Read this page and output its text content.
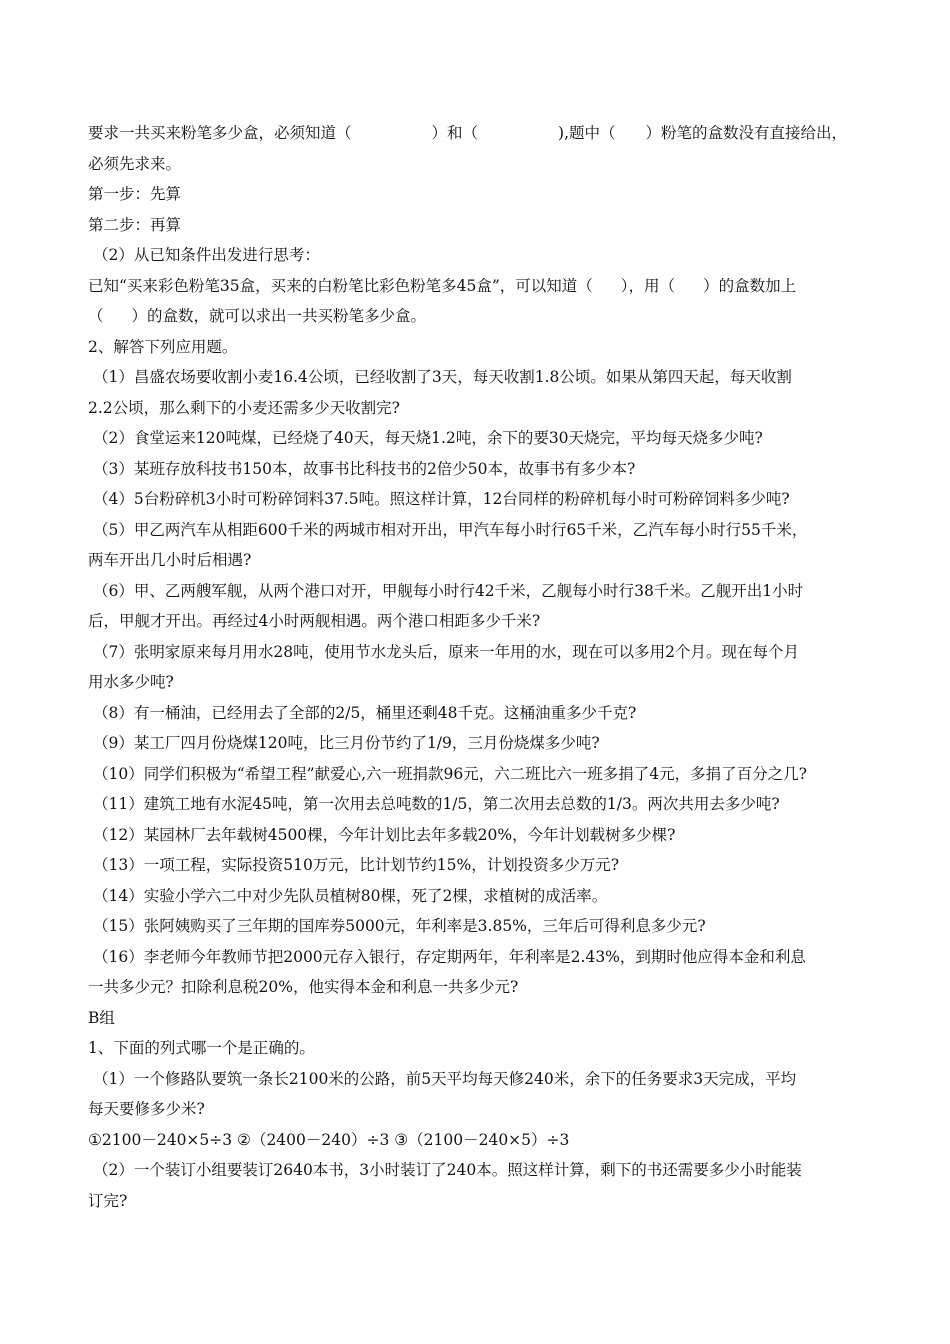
要求一共买来粉笔多少盒，必须知道（	）和（	),题中（ ）粉笔的盒数没有直接给出，
必须先求来。
第一步：先算
第二步：再算
（2）从已知条件出发进行思考：
已知“买来彩色粉笔35盒，买来的白粉笔比彩色粉笔多45盒”，可以知道（ ），用（ ）的盒数加上
（ ）的盒数，就可以求出一共买粉笔多少盒。
2、解答下列应用题。
（1）昌盛农场要收割小麦16.4公顷，已经收割了3天，每天收割1.8公顷。如果从第四天起，每天收割
2.2公顷，那么剩下的小麦还需多少天收割完?
（2）食堂运来120吨煤，已经烧了40天，每天烧1.2吨，余下的要30天烧完，平均每天烧多少吨?
（3）某班存放科技书150本，故事书比科技书的2倍少50本，故事书有多少本?
（4）5台粉碎机3小时可粉碎饲料37.5吨。照这样计算，12台同样的粉碎机每小时可粉碎饲料多少吨?
（5）甲乙两汽车从相距600千米的两城市相对开出，甲汽车每小时行65千米，乙汽车每小时行55千米，
两车开出几小时后相遇?
（6）甲、乙两艘军舰，从两个港口对开，甲舰每小时行42千米，乙舰每小时行38千米。乙舰开出1小时
后，甲舰才开出。再经过4小时两舰相遇。两个港口相距多少千米?
（7）张明家原来每月用水28吨，使用节水龙头后，原来一年用的水，现在可以多用2个月。现在每个月
用水多少吨?
（8）有一桶油，已经用去了全部的2/5，桶里还剩48千克。这桶油重多少千克?
（9）某工厂四月份烧煤120吨，比三月份节约了1/9，三月份烧煤多少吨?
（10）同学们积极为“希望工程”献爱心,六一班捐款96元，六二班比六一班多捐了4元，多捐了百分之几?
（11）建筑工地有水泥45吨，第一次用去总吨数的1/5，第二次用去总数的1/3。两次共用去多少吨?
（12）某园林厂去年载树4500棵，今年计划比去年多载20%，今年计划载树多少棵?
（13）一项工程，实际投资510万元，比计划节约15%，计划投资多少万元?
（14）实验小学六二中对少先队员植树80棵，死了2棵，求植树的成活率。
（15）张阿姨购买了三年期的国库券5000元，年利率是3.85%，三年后可得利息多少元?
（16）李老师今年教师节把2000元存入银行，存定期两年，年利率是2.43%，到期时他应得本金和利息
一共多少元？扣除利息税20%，他实得本金和利息一共多少元?
B组
1、下面的列式哪一个是正确的。
（1）一个修路队要筑一条长2100米的公路，前5天平均每天修240米，余下的任务要求3天完成，平均
每天要修多少米?
①2100－240×5÷3 ②（2400－240）÷3 ③（2100－240×5）÷3
（2）一个装订小组要装订2640本书，3小时装订了240本。照这样计算，剩下的书还需要多少小时能装
订完?
